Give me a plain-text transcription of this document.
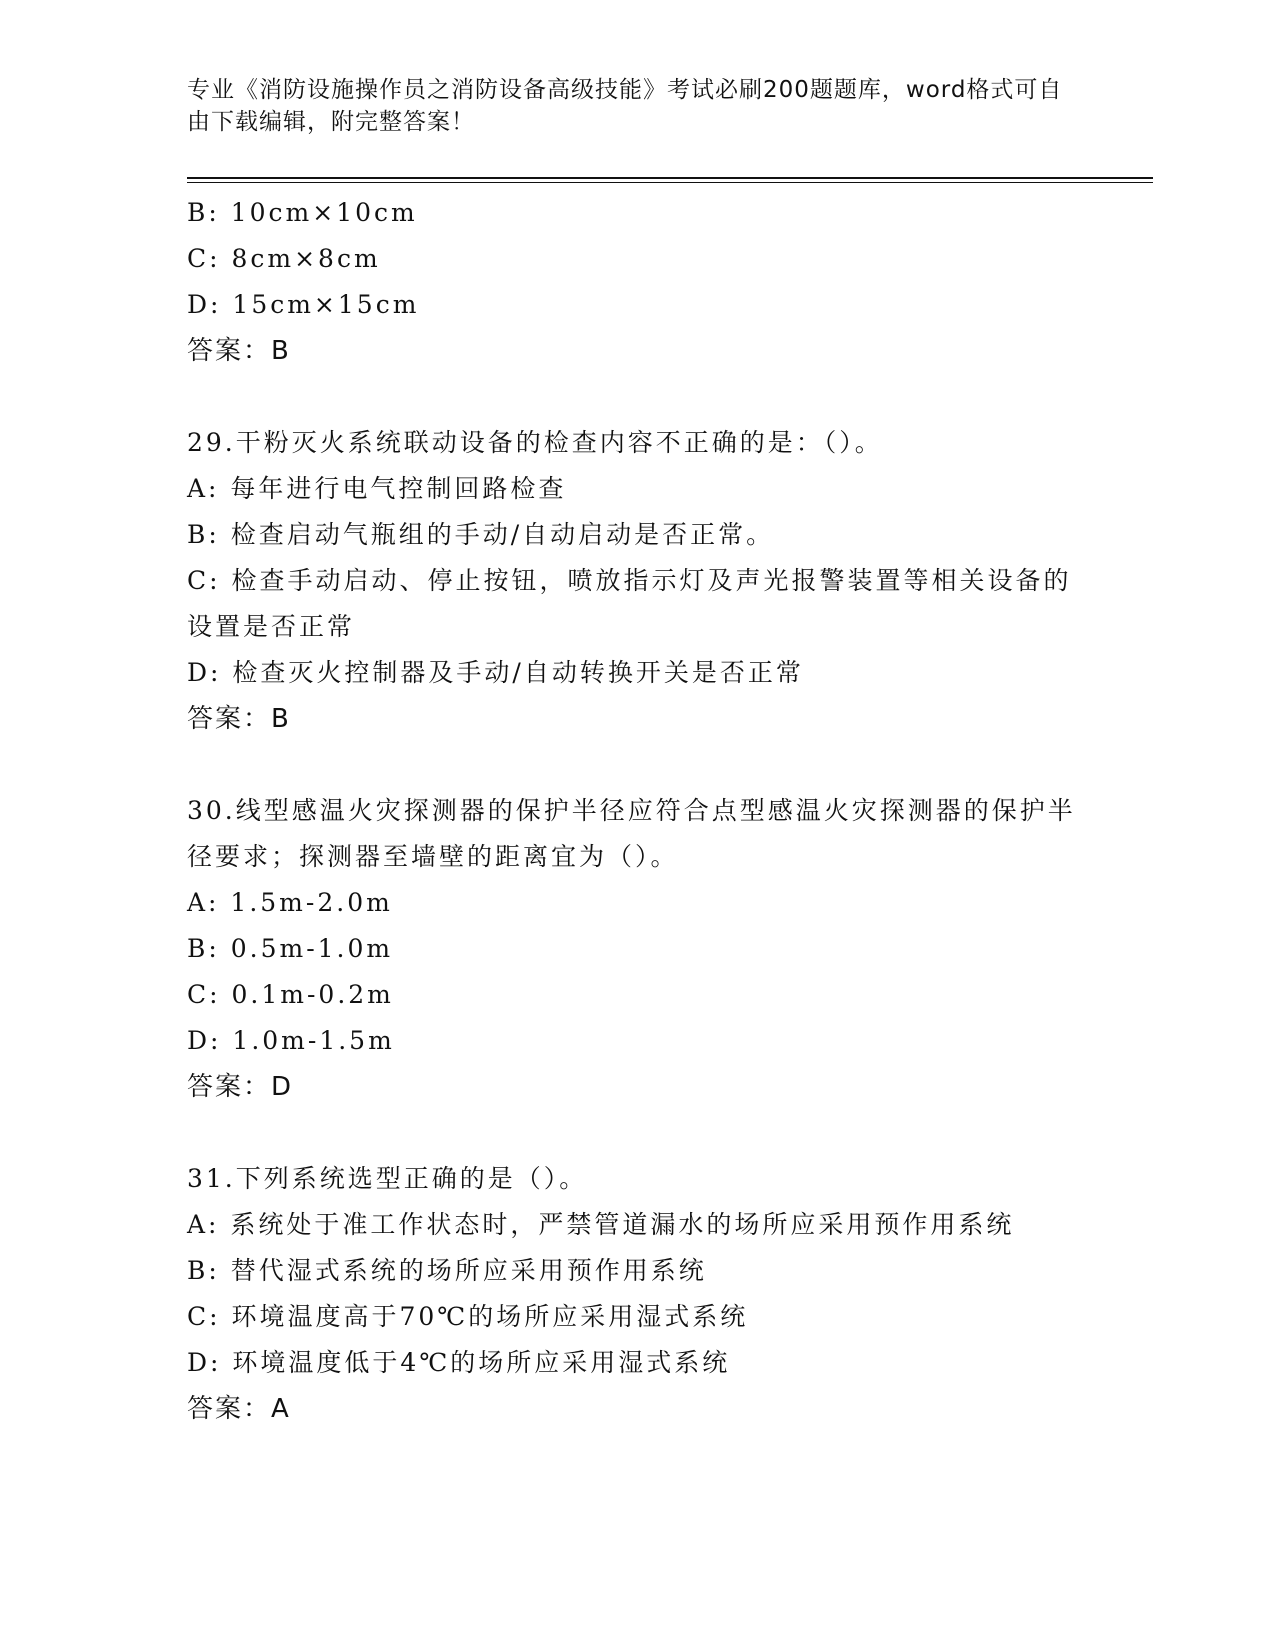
专业《消防设施操作员之消防设备高级技能》考试必刷200题题库，word格式可自由下载编辑，附完整答案！
B: 10cm×10cm
C: 8cm×8cm
D: 15cm×15cm
答案：B
29.干粉灭火系统联动设备的检查内容不正确的是：（）。
A: 每年进行电气控制回路检查
B: 检查启动气瓶组的手动/自动启动是否正常。
C: 检查手动启动、停止按钮，喷放指示灯及声光报警装置等相关设备的设置是否正常
D: 检查灭火控制器及手动/自动转换开关是否正常
答案：B
30.线型感温火灾探测器的保护半径应符合点型感温火灾探测器的保护半径要求；探测器至墙壁的距离宜为（）。
A: 1.5m-2.0m
B: 0.5m-1.0m
C: 0.1m-0.2m
D: 1.0m-1.5m
答案：D
31.下列系统选型正确的是（）。
A: 系统处于准工作状态时，严禁管道漏水的场所应采用预作用系统
B: 替代湿式系统的场所应采用预作用系统
C: 环境温度高于70℃的场所应采用湿式系统
D: 环境温度低于4℃的场所应采用湿式系统
答案：A
